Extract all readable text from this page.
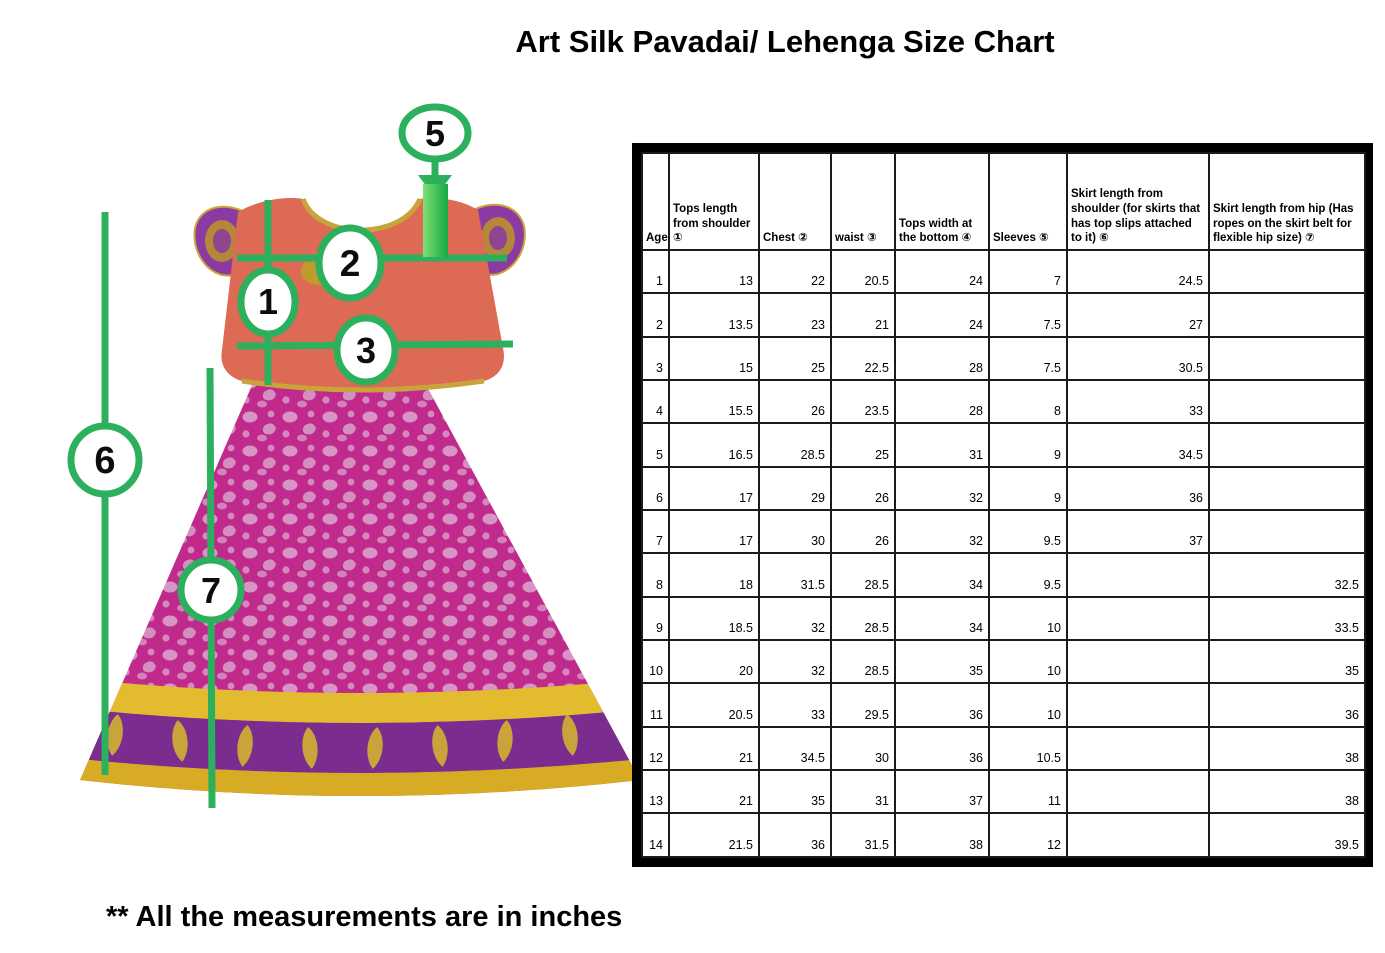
Art Silk Pavadai/ Lehenga Size Chart
1
2
3
5
6
7
Age	Tops length from shoulder ①	Chest ②	waist ③	Tops width at the bottom ④	Sleeves ⑤	Skirt length from shoulder (for skirts that has top slips attached to it) ⑥	Skirt length from hip (Has ropes on the skirt belt for flexible hip size) ⑦
1	13	22	20.5	24	7	24.5	
2	13.5	23	21	24	7.5	27	
3	15	25	22.5	28	7.5	30.5	
4	15.5	26	23.5	28	8	33	
5	16.5	28.5	25	31	9	34.5	
6	17	29	26	32	9	36	
7	17	30	26	32	9.5	37	
8	18	31.5	28.5	34	9.5		32.5
9	18.5	32	28.5	34	10		33.5
10	20	32	28.5	35	10		35
11	20.5	33	29.5	36	10		36
12	21	34.5	30	36	10.5		38
13	21	35	31	37	11		38
14	21.5	36	31.5	38	12		39.5
** All the measurements are in inches
